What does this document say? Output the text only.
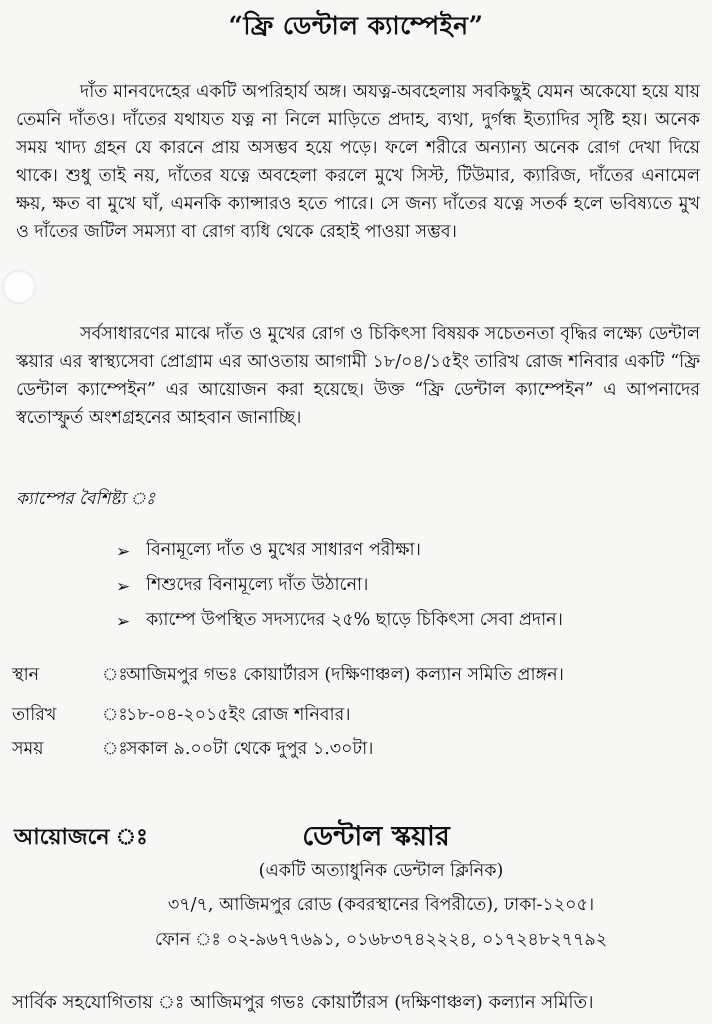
“ফ্রি ডেন্টাল ক্যাম্পেইন”

দাঁত মানবদেহের একটি অপরিহার্য অঙ্গ। অযত্ন-অবহেলায় সবকিছুই যেমন অকেযো হয়ে যায় তেমনি দাঁতও। দাঁতের যথাযত যত্ন না নিলে মাড়িতে প্রদাহ, ব্যথা, দুর্গন্ধ ইত্যাদির সৃষ্টি হয়। অনেক সময় খাদ্য গ্রহন যে কারনে প্রায় অসম্ভব হয়ে পড়ে। ফলে শরীরে অন্যান্য অনেক রোগ দেখা দিয়ে থাকে। শুধু তাই নয়, দাঁতের যত্নে অবহেলা করলে মুখে সিস্ট, টিউমার, ক্যারিজ, দাঁতের এনামেল ক্ষয়, ক্ষত বা মুখে ঘাঁ, এমনকি ক্যান্সারও হতে পারে। সে জন্য দাঁতের যত্নে সতর্ক হলে ভবিষ্যতে মুখ ও দাঁতের জটিল সমস্যা বা রোগ ব্যধি থেকে রেহাই পাওয়া সম্ভব।

সর্বসাধারণের মাঝে দাঁত ও মুখের রোগ ও চিকিৎসা বিষয়ক সচেতনতা বৃদ্ধির লক্ষ্যে ডেন্টাল স্কয়ার এর স্বাস্থ্যসেবা প্রোগ্রাম এর আওতায় আগামী ১৮/০৪/১৫ইং তারিখ রোজ শনিবার একটি “ফ্রি ডেন্টাল ক্যাম্পেইন” এর আয়োজন করা হয়েছে। উক্ত “ফ্রি ডেন্টাল ক্যাম্পেইন” এ আপনাদের স্বতোস্ফুর্ত অংশগ্রহনের আহবান জানাচ্ছি।

ক্যাম্পের বৈশিষ্ট্য ঃ
➢ বিনামূল্যে দাঁত ও মুখের সাধারণ পরীক্ষা।
➢ শিশুদের বিনামূল্যে দাঁত উঠানো।
➢ ক্যাম্পে উপস্থিত সদস্যদের ২৫% ছাড়ে চিকিৎসা সেবা প্রদান।
স্থান	ঃআজিমপুর গভঃ কোয়ার্টারস (দক্ষিণাঞ্চল) কল্যান সমিতি প্রাঙ্গন।
তারিখ	ঃ১৮-০৪-২০১৫ইং রোজ শনিবার।
সময়	ঃসকাল ৯.০০টা থেকে দুপুর ১.৩০টা।
আয়োজনে ঃ	ডেন্টাল স্কয়ার
(একটি অত্যাধুনিক ডেন্টাল ক্লিনিক)
৩৭/৭, আজিমপুর রোড (কবরস্থানের বিপরীতে), ঢাকা-১২০৫।
ফোন ঃ ০২-৯৬৭৭৬৯১, ০১৬৮৩৭৪২২২৪, ০১৭২৪৮২৭৭৯২
সার্বিক সহযোগিতায় ঃ আজিমপুর গভঃ কোয়ার্টারস (দক্ষিণাঞ্চল) কল্যান সমিতি।
